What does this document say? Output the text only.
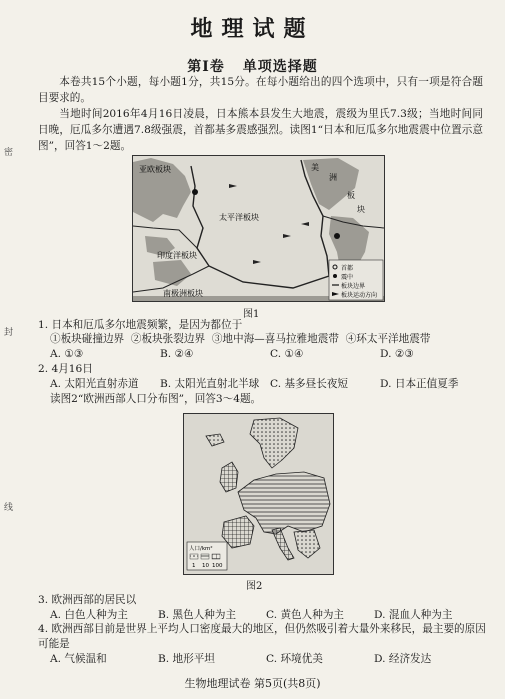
密
封
线
地理试题
第Ⅰ卷 单项选择题
本卷共15个小题，每小题1分，共15分。在每小题给出的四个选项中，只有一项是符合题目要求的。
当地时间2016年4月16日凌晨，日本熊本县发生大地震，震级为里氏7.3级；当地时间同日晚，厄瓜多尔遭遇7.8级强震，首都基多震感强烈。读图1“日本和厄瓜多尔地震震中位置示意图”，回答1～2题。
亚欧板块
太平洋板块
印度洋板块
南极洲板块
美
洲
板
块
首都
震中
板块边界
板块运动方向
图1
1. 日本和厄瓜多尔地震频繁，是因为都位于
①板块碰撞边界
②板块张裂边界
③地中海—喜马拉雅地震带
④环太平洋地震带
A. ①③	B. ②④	C. ①④	D. ②③
2. 4月16日
A. 太阳光直射赤道	B. 太阳光直射北半球	C. 基多昼长夜短	D. 日本正值夏季
读图2“欧洲西部人口分布图”，回答3～4题。
人口/km²
1 10 100
图2
3. 欧洲西部的居民以
A. 白色人种为主	B. 黑色人种为主	C. 黄色人种为主	D. 混血人种为主
4. 欧洲西部目前是世界上平均人口密度最大的地区，但仍然吸引着大量外来移民，最主要的原因可能是
A. 气候温和	B. 地形平坦	C. 环境优美	D. 经济发达
生物地理试卷 第5页(共8页)
